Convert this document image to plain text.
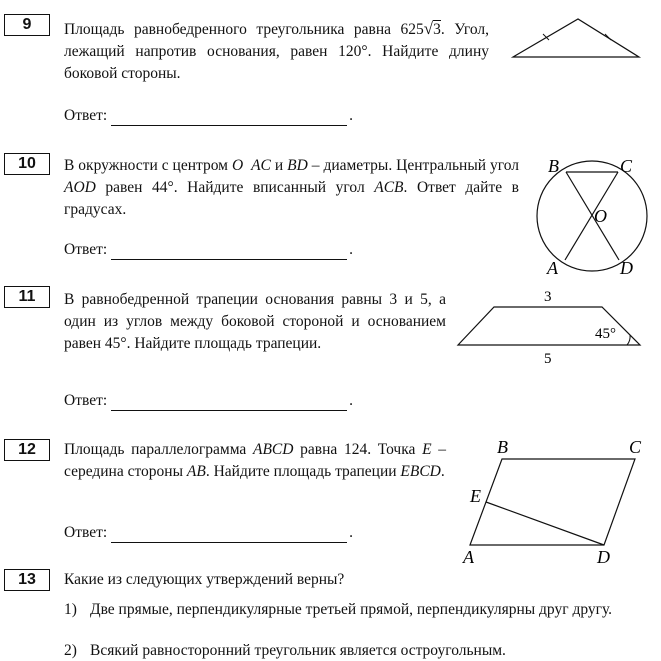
9	Площадь равнобедренного треугольника равна 625√3. Угол, лежащий напротив основания, равен 120°. Найдите длину боковой стороны.
Ответ:	.
10	В окружности с центром O AC и BD – диаметры. Центральный угол AOD равен 44°. Найдите вписанный угол ACB. Ответ дайте в градусах.
Ответ:	.
B	C
O
A	D
11	В равнобедренной трапеции основания равны 3 и 5, а один из углов между боковой стороной и основанием равен 45°. Найдите площадь трапеции.
Ответ:	.
3
5
45°
12	Площадь параллелограмма ABCD равна 124. Точка E – середина стороны AB. Найдите площадь трапеции EBCD.
Ответ:	.
B	C
E
A	D
13	Какие из следующих утверждений верны?
1) Две прямые, перпендикулярные третьей прямой, перпендикулярны друг другу.
2) Всякий равносторонний треугольник является остроугольным.
